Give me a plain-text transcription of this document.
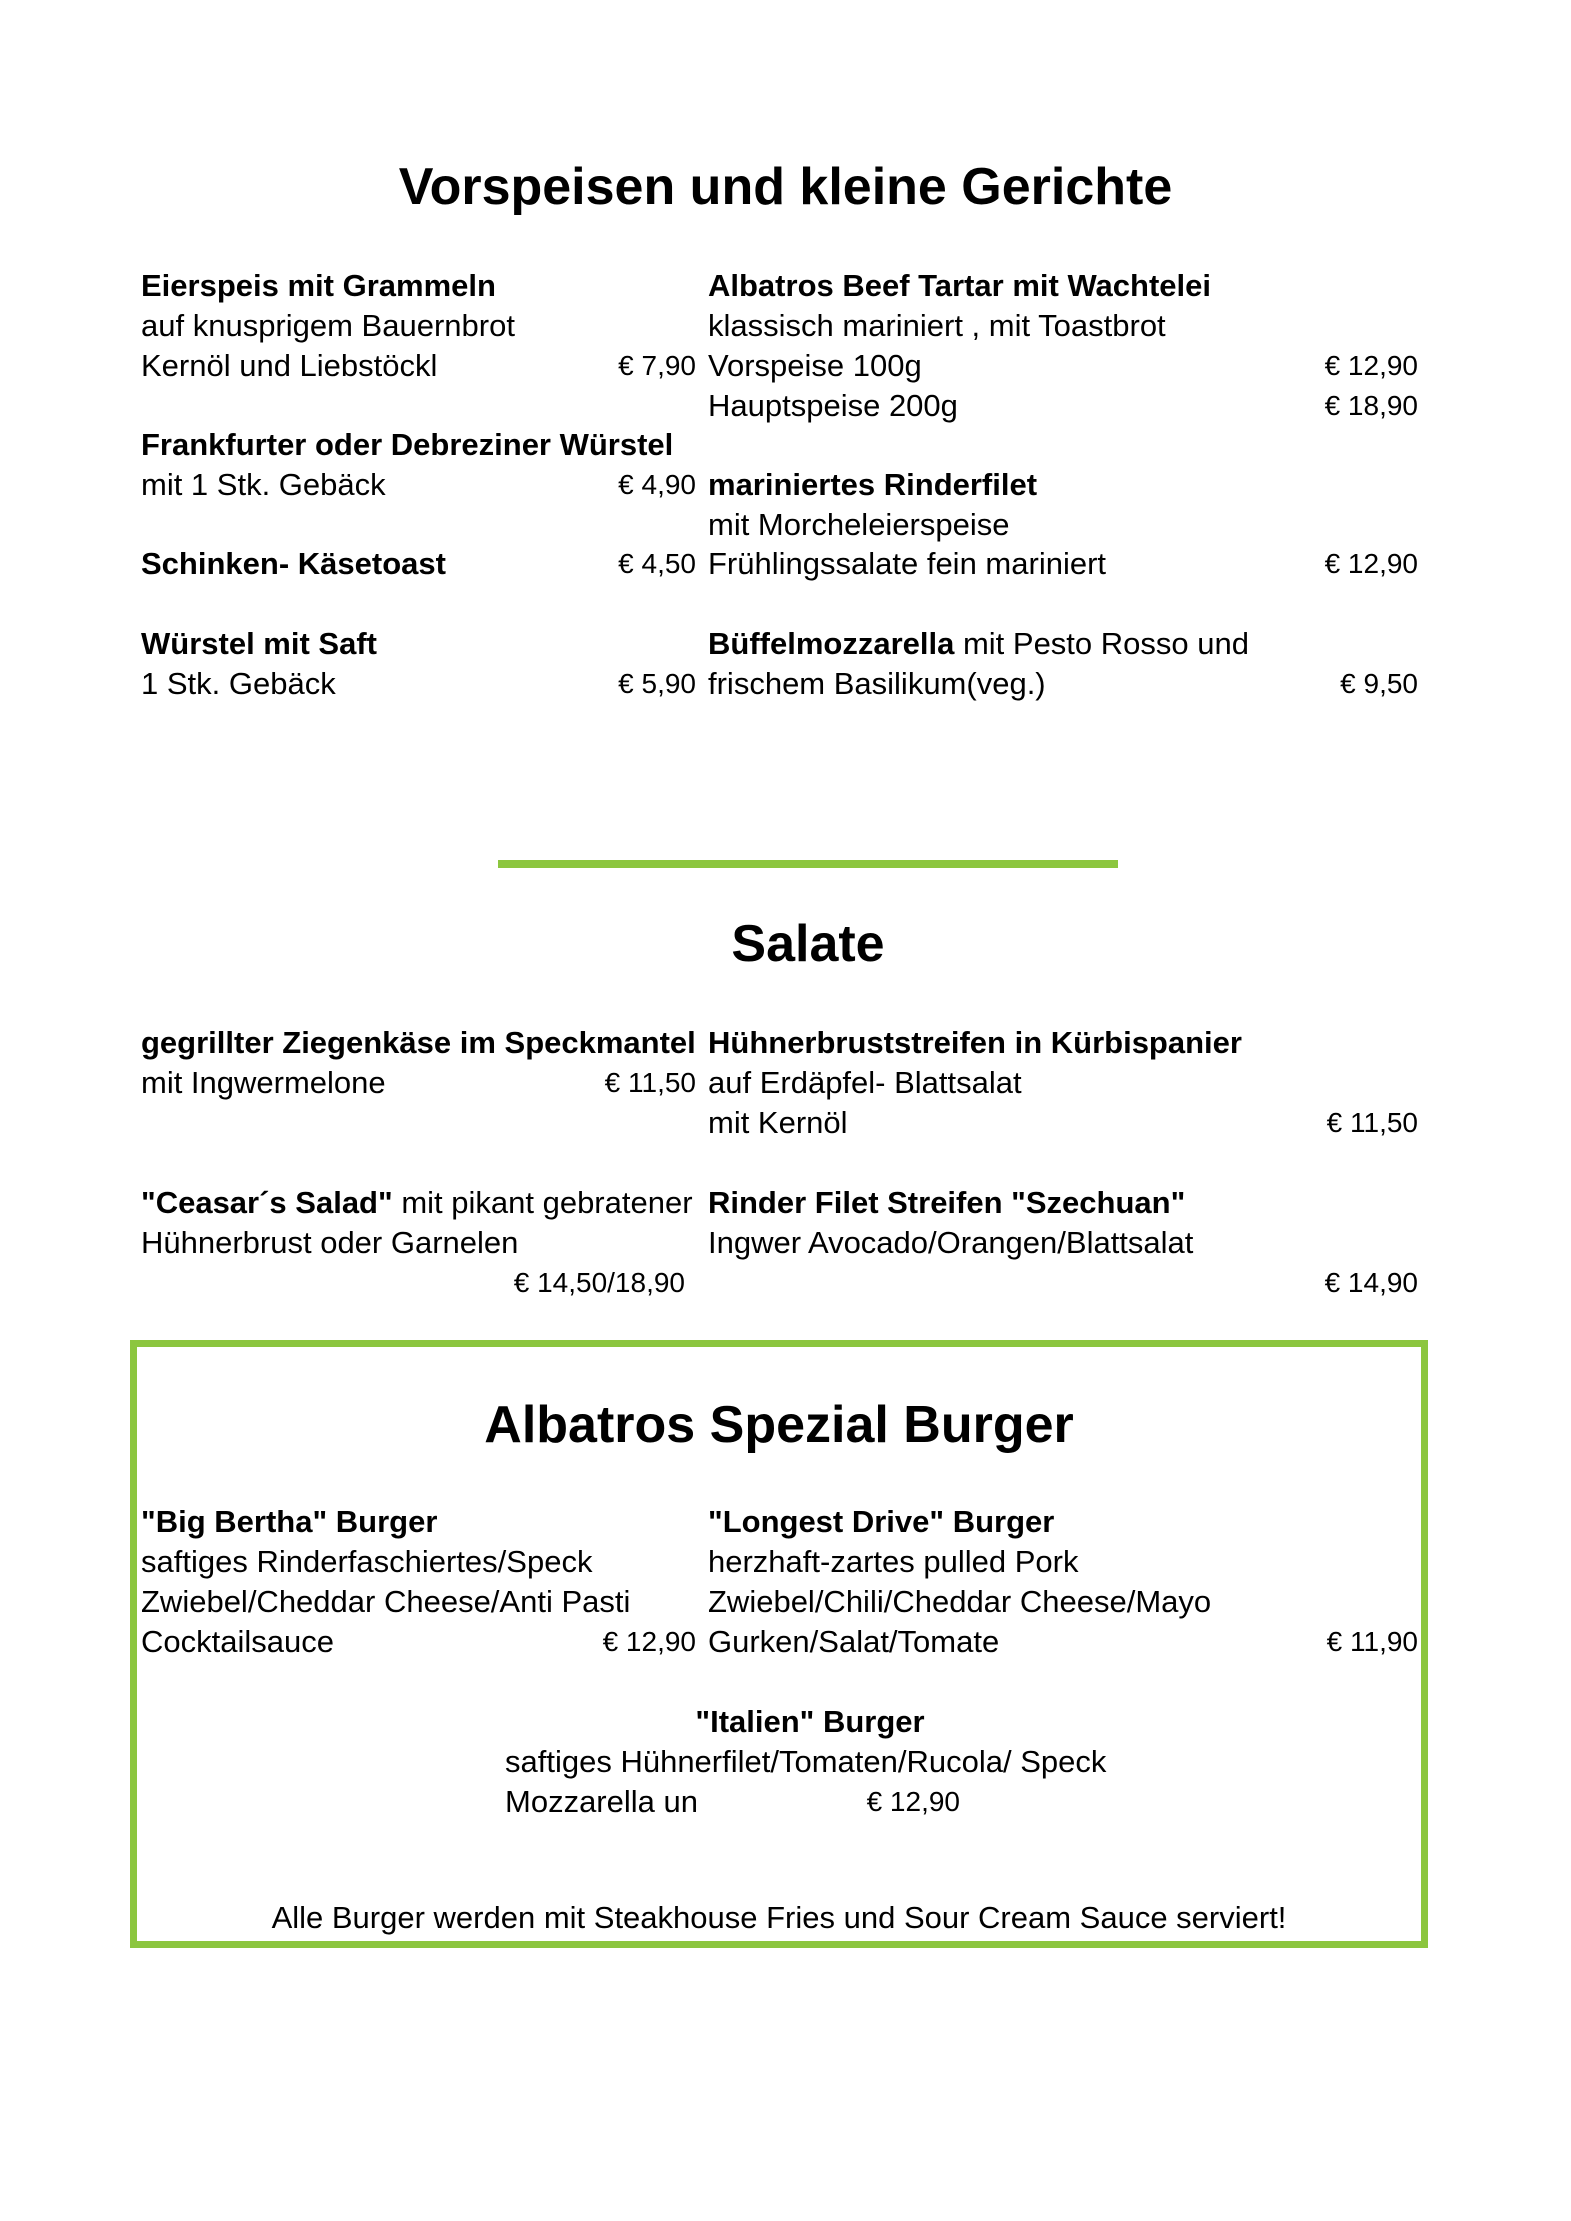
Vorspeisen und kleine Gerichte
Eierspeis mit Grammeln
auf knusprigem Bauernbrot
Kernöl und Liebstöckl	€ 7,90
Frankfurter oder Debreziner Würstel
mit 1 Stk. Gebäck	€ 4,90
Schinken- Käsetoast	€ 4,50
Würstel mit Saft
1 Stk. Gebäck	€ 5,90
Albatros Beef Tartar mit Wachtelei
klassisch mariniert , mit Toastbrot
Vorspeise 100g	€ 12,90
Hauptspeise 200g	€ 18,90
mariniertes Rinderfilet
mit Morcheleierspeise
Frühlingssalate fein mariniert	€ 12,90
Büffelmozzarella mit Pesto Rosso und
frischem Basilikum(veg.)	€ 9,50
Salate
gegrillter Ziegenkäse im Speckmantel
mit Ingwermelone	€ 11,50
"Ceasar´s Salad" mit pikant gebratener
Hühnerbrust oder Garnelen
€ 14,50/18,90
Hühnerbruststreifen in Kürbispanier
auf Erdäpfel- Blattsalat
mit Kernöl	€ 11,50
Rinder Filet Streifen "Szechuan"
Ingwer Avocado/Orangen/Blattsalat
€ 14,90
Albatros Spezial Burger
"Big Bertha" Burger
saftiges Rinderfaschiertes/Speck
Zwiebel/Cheddar Cheese/Anti Pasti
Cocktailsauce	€ 12,90
"Longest Drive" Burger
herzhaft-zartes pulled Pork
Zwiebel/Chili/Cheddar Cheese/Mayo
Gurken/Salat/Tomate	€ 11,90
"Italien" Burger
saftiges Hühnerfilet/Tomaten/Rucola/ Speck
Mozzarella un	€ 12,90
Alle Burger werden mit Steakhouse Fries und Sour Cream Sauce serviert!
